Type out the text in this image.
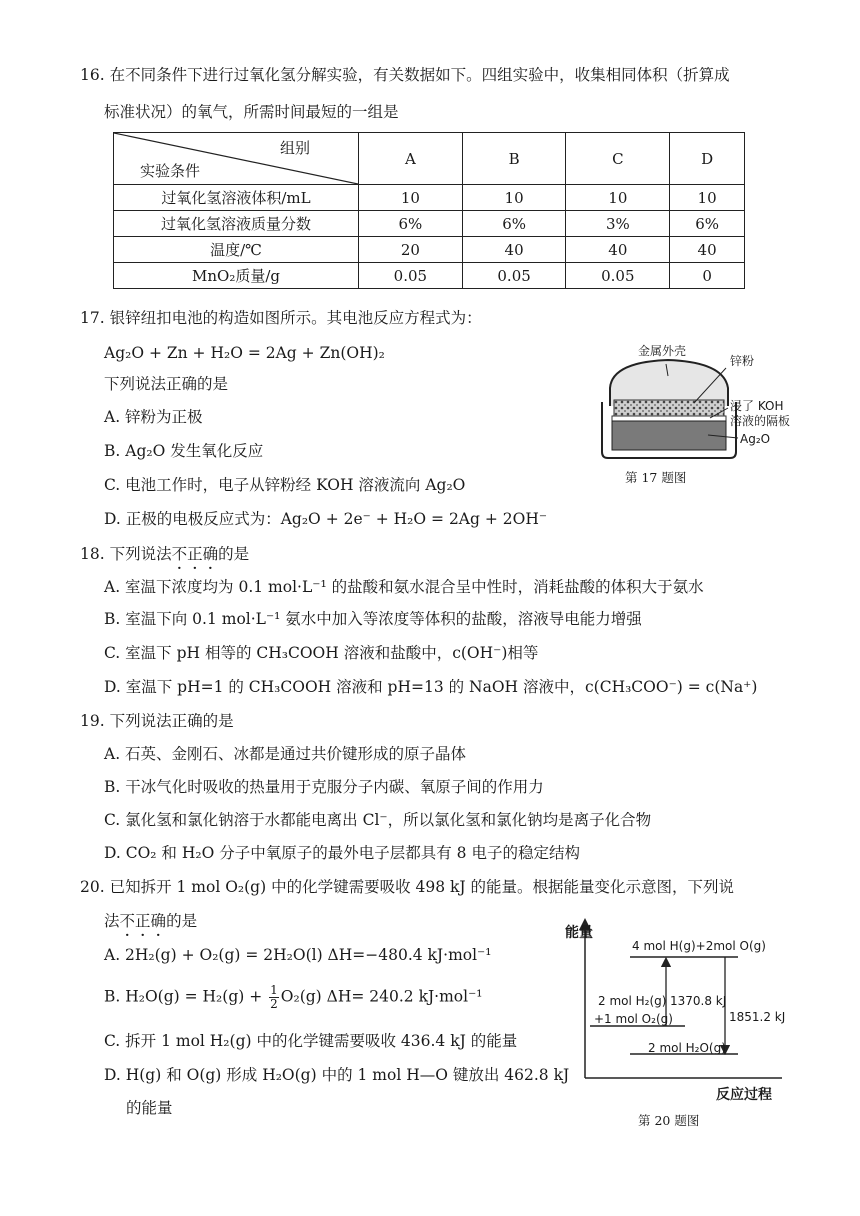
16. 在不同条件下进行过氧化氢分解实验，有关数据如下。四组实验中，收集相同体积（折算成
标准状况）的氧气，所需时间最短的一组是
组别
实验条件	A	B	C	D
过氧化氢溶液体积/mL	10	10	10	10
过氧化氢溶液质量分数	6%	6%	3%	6%
温度/℃	20	40	40	40
MnO₂质量/g	0.05	0.05	0.05	0
17. 银锌纽扣电池的构造如图所示。其电池反应方程式为：
Ag₂O + Zn + H₂O = 2Ag + Zn(OH)₂
下列说法正确的是
A. 锌粉为正极
B. Ag₂O 发生氧化反应
C. 电池工作时，电子从锌粉经 KOH 溶液流向 Ag₂O
D. 正极的电极反应式为：Ag₂O + 2e⁻ + H₂O = 2Ag + 2OH⁻
金属外壳
锌粉
浸了 KOH
溶液的隔板
Ag₂O
第 17 题图
18. 下列说法不正确的是
A. 室温下浓度均为 0.1 mol·L⁻¹ 的盐酸和氨水混合呈中性时，消耗盐酸的体积大于氨水
B. 室温下向 0.1 mol·L⁻¹ 氨水中加入等浓度等体积的盐酸，溶液导电能力增强
C. 室温下 pH 相等的 CH₃COOH 溶液和盐酸中，c(OH⁻)相等
D. 室温下 pH=1 的 CH₃COOH 溶液和 pH=13 的 NaOH 溶液中，c(CH₃COO⁻) = c(Na⁺)
19. 下列说法正确的是
A. 石英、金刚石、冰都是通过共价键形成的原子晶体
B. 干冰气化时吸收的热量用于克服分子内碳、氧原子间的作用力
C. 氯化氢和氯化钠溶于水都能电离出 Cl⁻，所以氯化氢和氯化钠均是离子化合物
D. CO₂ 和 H₂O 分子中氧原子的最外电子层都具有 8 电子的稳定结构
20. 已知拆开 1 mol O₂(g) 中的化学键需要吸收 498 kJ 的能量。根据能量变化示意图，下列说
法不正确的是
A. 2H₂(g) + O₂(g) = 2H₂O(l) ΔH=−480.4 kJ·mol⁻¹
B. $H_2O(g) = H_2(g) + \frac{1}{2} O_2(g)$ ΔH= 240.2 kJ·mol⁻¹
C. 拆开 1 mol H₂(g) 中的化学键需要吸收 436.4 kJ 的能量
D. H(g) 和 O(g) 形成 H₂O(g) 中的 1 mol H—O 键放出 462.8 kJ
的能量
能量
4 mol H(g)+2mol O(g)
2 mol H₂(g)
+1 mol O₂(g)
1370.8 kJ
1851.2 kJ
2 mol H₂O(g)
反应过程
第 20 题图
